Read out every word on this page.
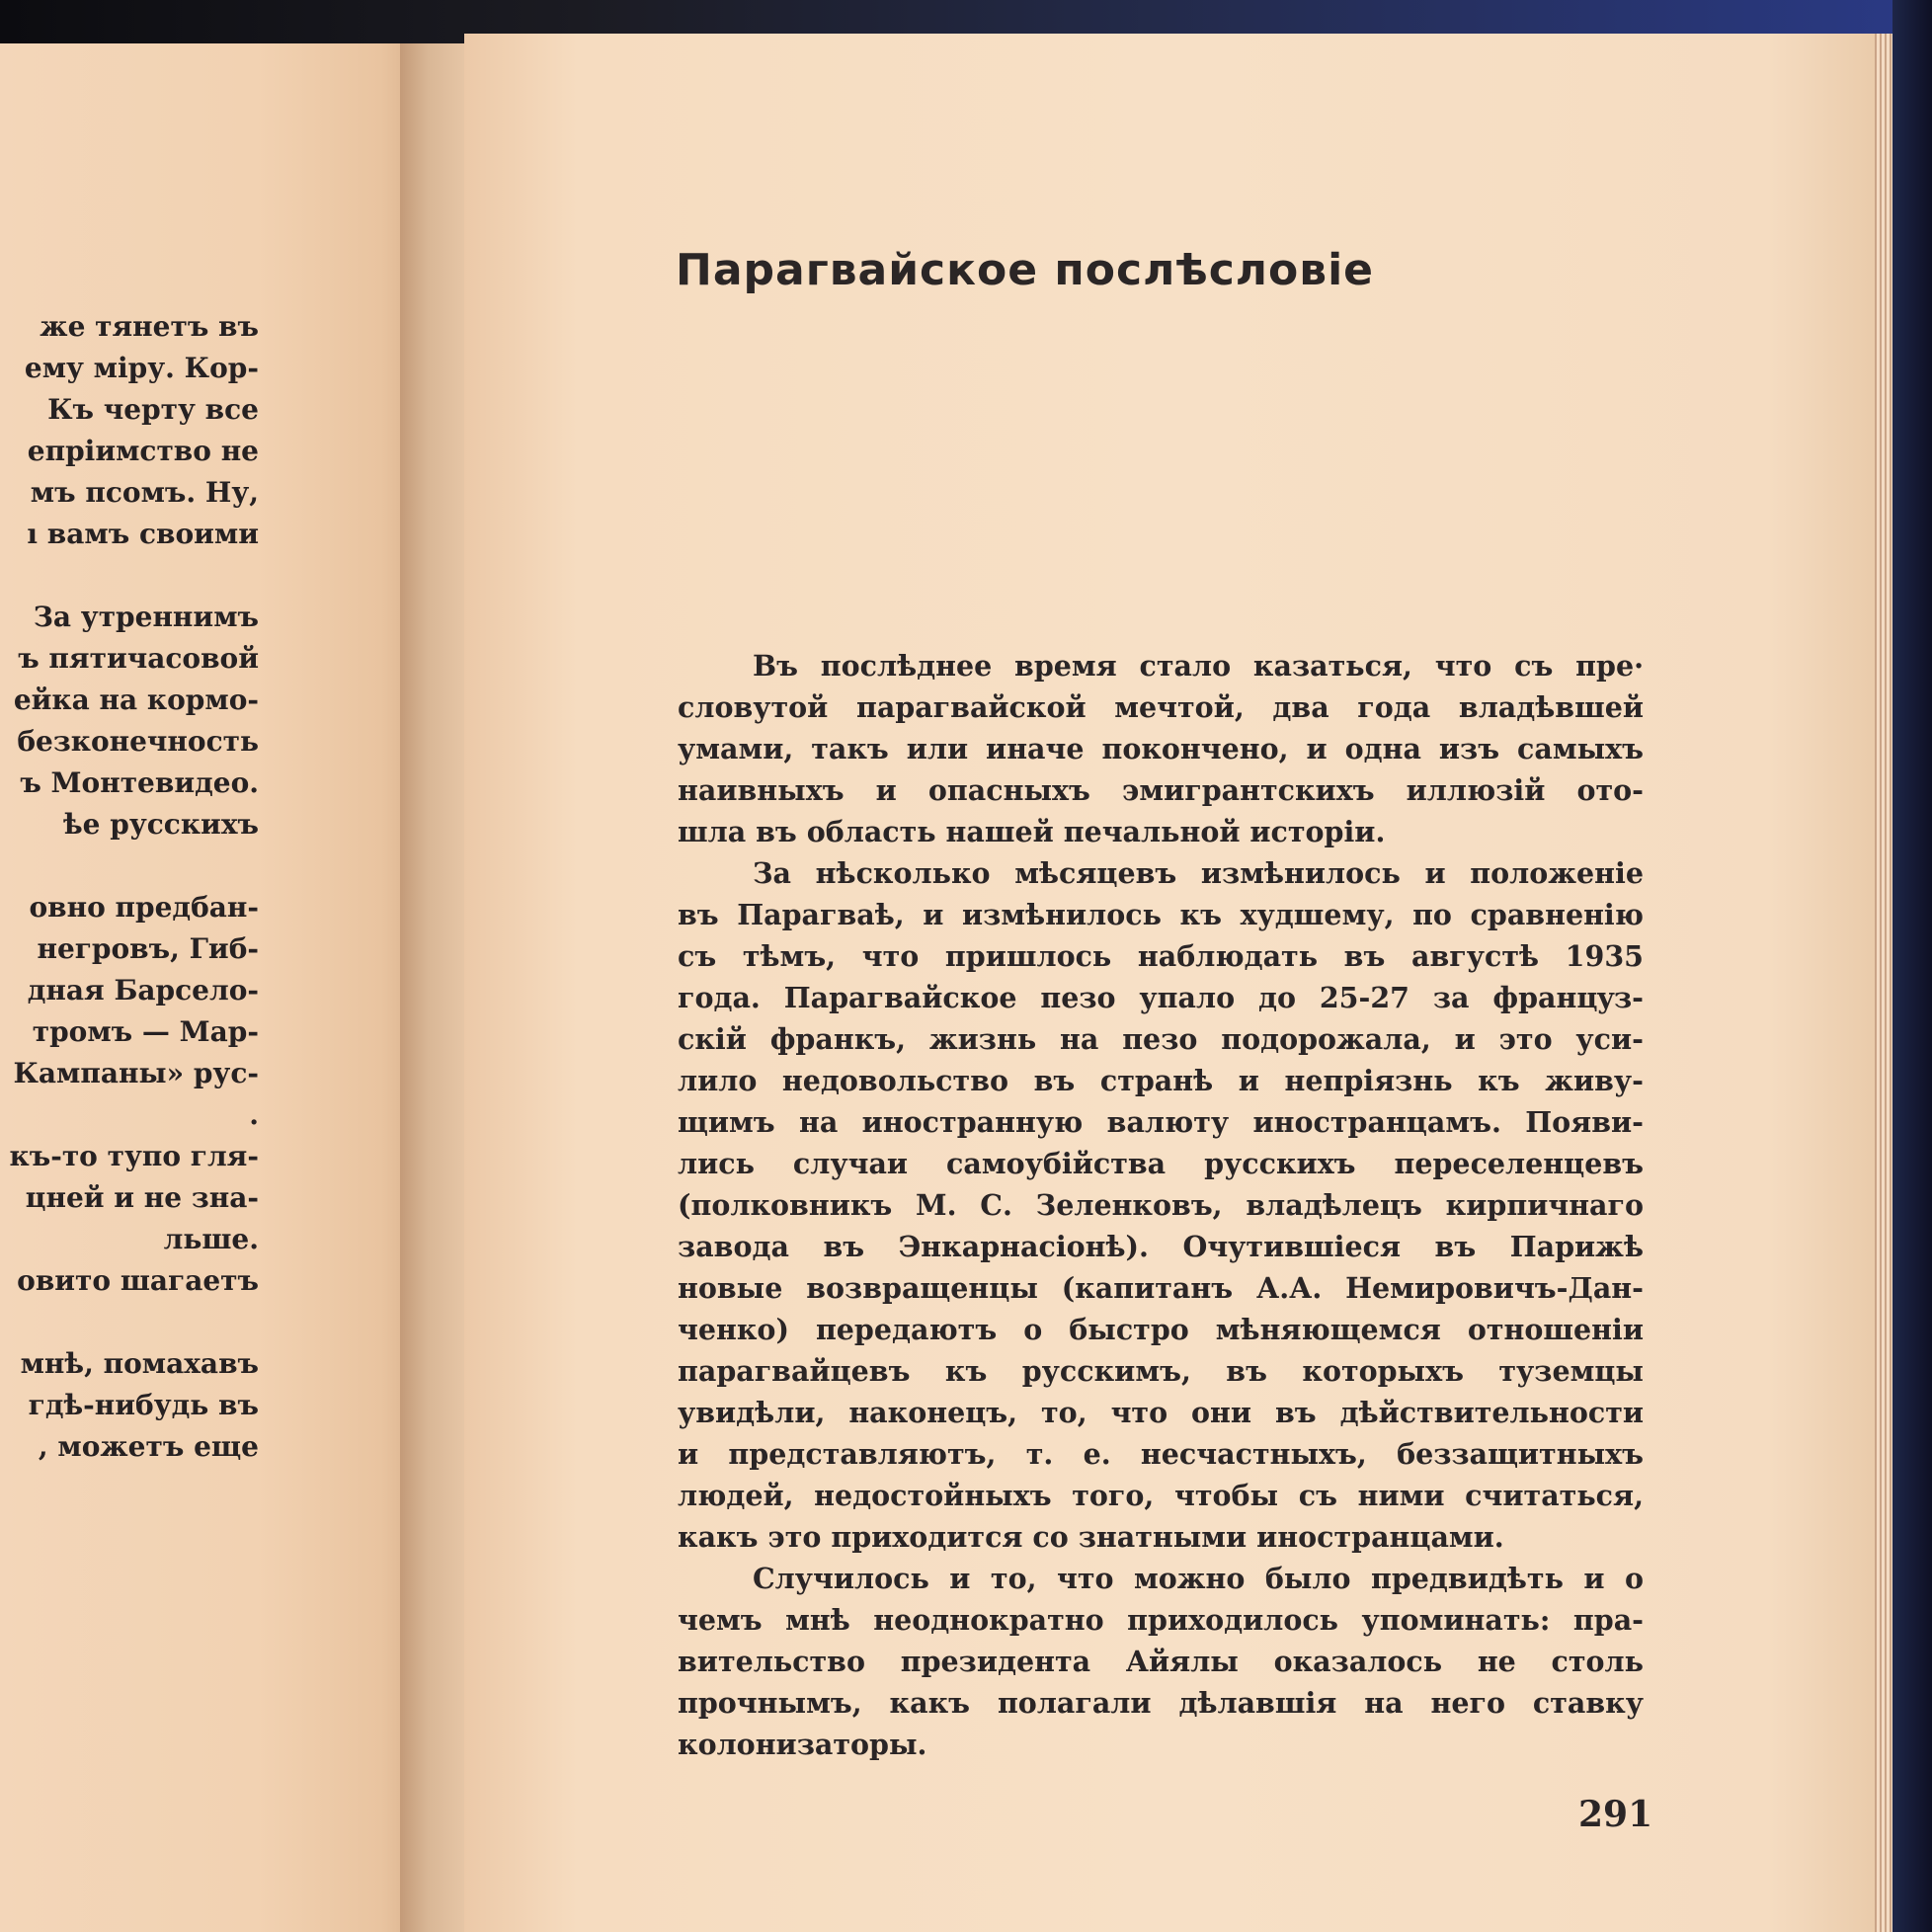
же тянетъ въ
ему міру. Кор-
Къ черту все
епріимство не
мъ псомъ. Ну,
ı вамъ своими
За утреннимъ
ъ пятичасовой
ейка на кормо-
безконечность
ъ Монтевидео.
ѣе русскихъ
овно предбан-
негровъ, Гиб-
дная Барсело-
тромъ — Мар-
Кампаны» рус-
.
къ-то тупо гля-
цней и не зна-
льше.
овито шагаетъ
мнѣ, помахавъ
гдѣ-нибудь въ
, можетъ еще
Парагвайское послѣсловіе
Въ послѣднее время стало казаться, что съ пре·
словутой парагвайской мечтой, два года владѣвшей
умами, такъ или иначе покончено, и одна изъ самыхъ
наивныхъ и опасныхъ эмигрантскихъ иллюзій ото-
шла въ область нашей печальной исторіи.
За нѣсколько мѣсяцевъ измѣнилось и положеніе
въ Парагваѣ, и измѣнилось къ худшему, по сравненію
съ тѣмъ, что пришлось наблюдать въ августѣ 1935
года. Парагвайское пезо упало до 25-27 за францyз-
скій франкъ, жизнь на пезо подорожала, и это уси-
лило недовольство въ странѣ и непріязнь къ живу-
щимъ на иностранную валюту иностранцамъ. Появи-
лись случаи самоубійства русскихъ переселенцевъ
(полковникъ М. С. Зеленковъ, владѣлецъ кирпичнаго
завода въ Энкарнасіонѣ). Очутившіеся въ Парижѣ
новые возвращенцы (капитанъ А.А. Немировичъ-Дан-
ченко) передаютъ о быстро мѣняющемся отношеніи
парагвайцевъ къ русскимъ, въ которыхъ туземцы
увидѣли, наконецъ, то, что они въ дѣйствительности
и представляютъ, т. е. несчастныхъ, беззащитныхъ
людей, недостойныхъ того, чтобы съ ними считаться,
какъ это приходится со знатными иностранцами.
Случилось и то, что можно было предвидѣть и о
чемъ мнѣ неоднократно приходилось упоминать: пра-
вительство президента Айялы оказалось не столь
прочнымъ, какъ полагали дѣлавшія на него ставку
колонизаторы.
291
